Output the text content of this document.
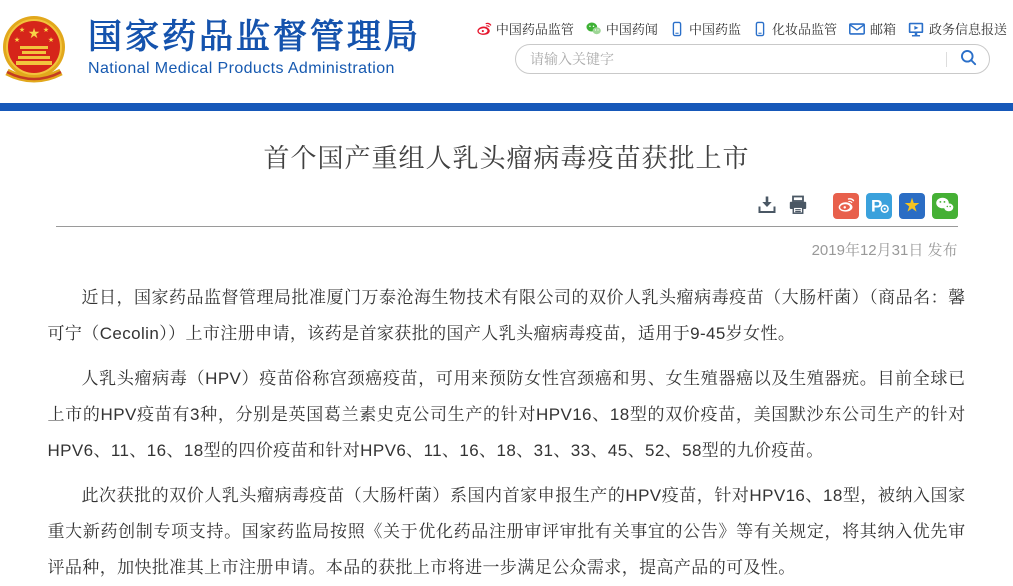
★
★	★
★	★ 国家药品监督管理局
National Medical Products Administration
中国药品监管 中国药闻 中国药监 化妆品监管	邮箱	政务信息报送
请输入关键字
首个国产重组人乳头瘤病毒疫苗获批上市
P ★
2019年12月31日 发布

近日，国家药品监督管理局批准厦门万泰沧海生物技术有限公司的双价人乳头瘤病毒疫苗（大肠杆菌）（商品名：馨可宁（Cecolin））上市注册申请，该药是首家获批的国产人乳头瘤病毒疫苗，适用于9-45岁女性。

人乳头瘤病毒（HPV）疫苗俗称宫颈癌疫苗，可用来预防女性宫颈癌和男、女生殖器癌以及生殖器疣。目前全球已上市的HPV疫苗有3种，分别是英国葛兰素史克公司生产的针对HPV16、18型的双价疫苗，美国默沙东公司生产的针对HPV6、11、16、18型的四价疫苗和针对HPV6、11、16、18、31、33、45、52、58型的九价疫苗。

此次获批的双价人乳头瘤病毒疫苗（大肠杆菌）系国内首家申报生产的HPV疫苗，针对HPV16、18型，被纳入国家重大新药创制专项支持。国家药监局按照《关于优化药品注册审评审批有关事宜的公告》等有关规定，将其纳入优先审评品种，加快批准其上市注册申请。本品的获批上市将进一步满足公众需求，提高产品的可及性。
